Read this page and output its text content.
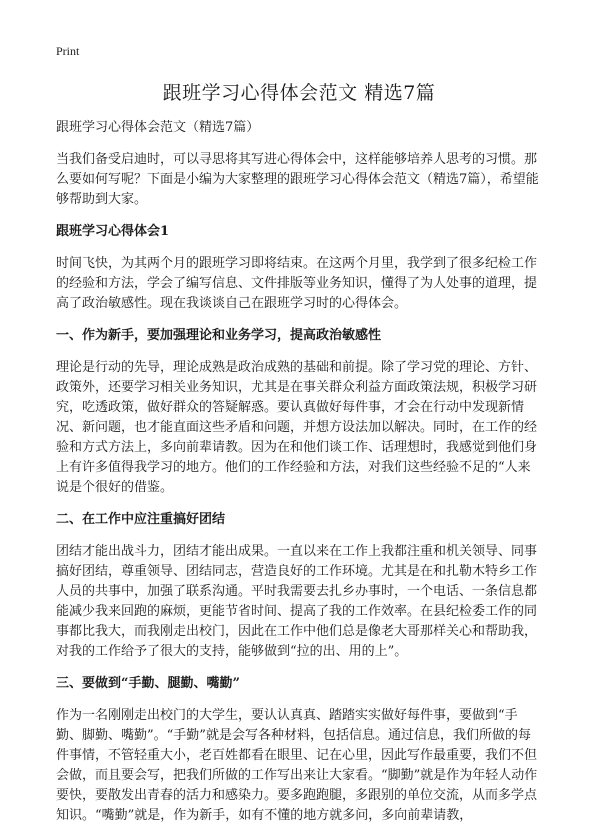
Print

跟班学习心得体会范文 精选7篇

跟班学习心得体会范文（精选7篇）

当我们备受启迪时，可以寻思将其写进心得体会中，这样能够培养人思考的习惯。那么要如何写呢？下面是小编为大家整理的跟班学习心得体会范文（精选7篇），希望能够帮助到大家。

跟班学习心得体会1

时间飞快，为其两个月的跟班学习即将结束。在这两个月里，我学到了很多纪检工作的经验和方法，学会了编写信息、文件排版等业务知识，懂得了为人处事的道理，提高了政治敏感性。现在我谈谈自己在跟班学习时的心得体会。

一、作为新手，要加强理论和业务学习，提高政治敏感性

理论是行动的先导，理论成熟是政治成熟的基础和前提。除了学习党的理论、方针、政策外，还要学习相关业务知识，尤其是在事关群众利益方面政策法规，积极学习研究，吃透政策，做好群众的答疑解惑。要认真做好每件事，才会在行动中发现新情况、新问题，也才能直面这些矛盾和问题，并想方设法加以解决。同时，在工作的经验和方式方法上，多向前辈请教。因为在和他们谈工作、话理想时，我感觉到他们身上有许多值得我学习的地方。他们的工作经验和方法，对我们这些经验不足的“人来说是个很好的借鉴。

二、在工作中应注重搞好团结

团结才能出战斗力，团结才能出成果。一直以来在工作上我都注重和机关领导、同事搞好团结，尊重领导、团结同志，营造良好的工作环境。尤其是在和扎勒木特乡工作人员的共事中，加强了联系沟通。平时我需要去扎乡办事时，一个电话、一条信息都能减少我来回跑的麻烦，更能节省时间、提高了我的工作效率。在县纪检委工作的同事都比我大，而我刚走出校门，因此在工作中他们总是像老大哥那样关心和帮助我，对我的工作给予了很大的支持，能够做到“拉的出、用的上”。

三、要做到“手勤、腿勤、嘴勤”

作为一名刚刚走出校门的大学生，要认认真真、踏踏实实做好每件事，要做到“手勤、脚勤、嘴勤”。“手勤”就是会写各种材料，包括信息。通过信息，我们所做的每件事情，不管轻重大小，老百姓都看在眼里、记在心里，因此写作最重要，我们不但会做，而且要会写，把我们所做的工作写出来让大家看。“脚勤”就是作为年轻人动作要快，要散发出青春的活力和感染力。要多跑跑腿，多跟别的单位交流，从而多学点知识。“嘴勤”就是，作为新手，如有不懂的地方就多问，多向前辈请教，
